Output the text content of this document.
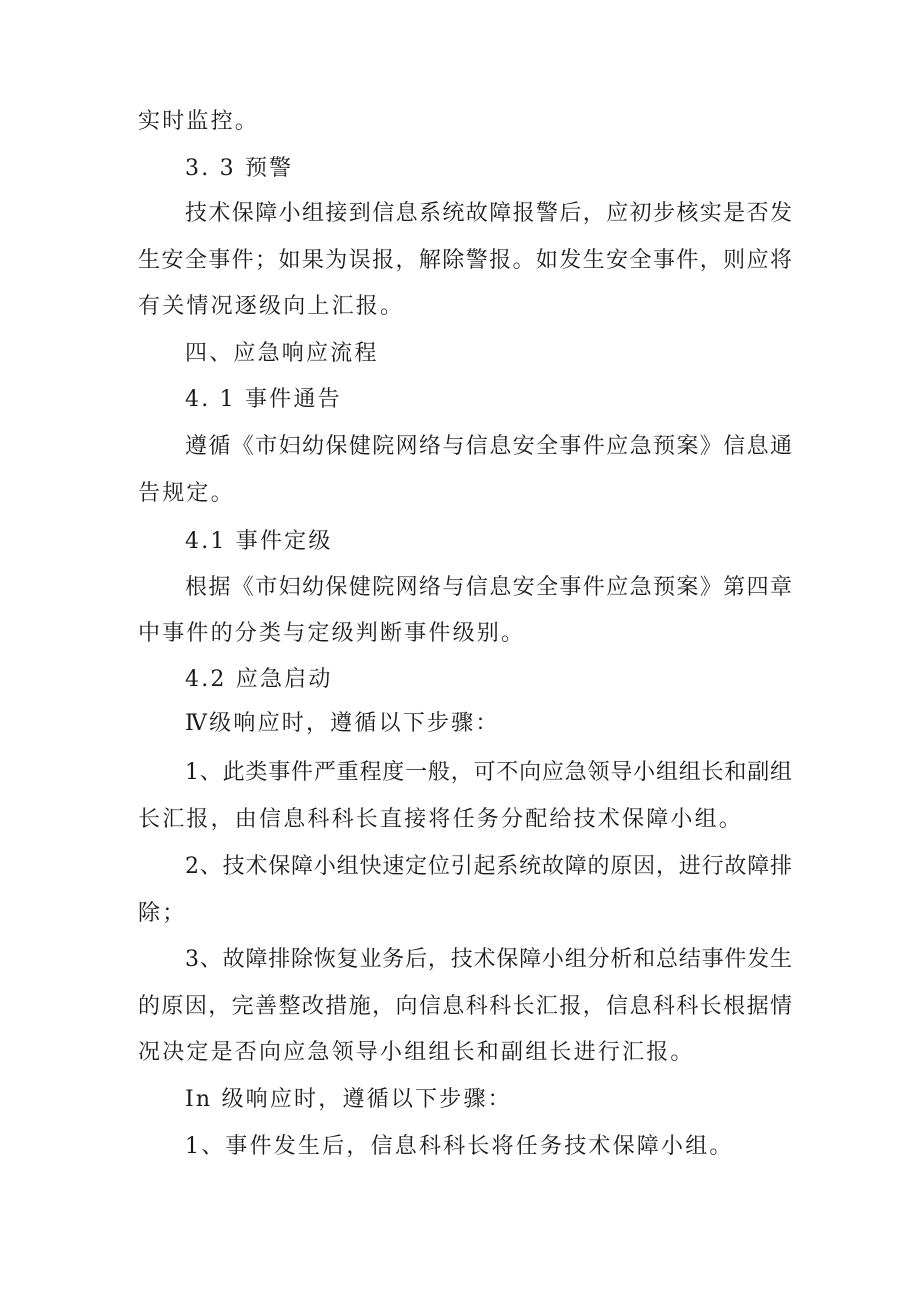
实时监控。

3. 3 预警

技术保障小组接到信息系统故障报警后，应初步核实是否发

生安全事件；如果为误报，解除警报。如发生安全事件，则应将

有关情况逐级向上汇报。

四、应急响应流程

4. 1 事件通告

遵循《市妇幼保健院网络与信息安全事件应急预案》信息通

告规定。

4.1 事件定级

根据《市妇幼保健院网络与信息安全事件应急预案》第四章

中事件的分类与定级判断事件级别。

4.2 应急启动

Ⅳ级响应时，遵循以下步骤：

1、此类事件严重程度一般，可不向应急领导小组组长和副组

长汇报，由信息科科长直接将任务分配给技术保障小组。

2、技术保障小组快速定位引起系统故障的原因，进行故障排

除；

3、故障排除恢复业务后，技术保障小组分析和总结事件发生

的原因，完善整改措施，向信息科科长汇报，信息科科长根据情

况决定是否向应急领导小组组长和副组长进行汇报。

In 级响应时，遵循以下步骤：

1、事件发生后，信息科科长将任务技术保障小组。
